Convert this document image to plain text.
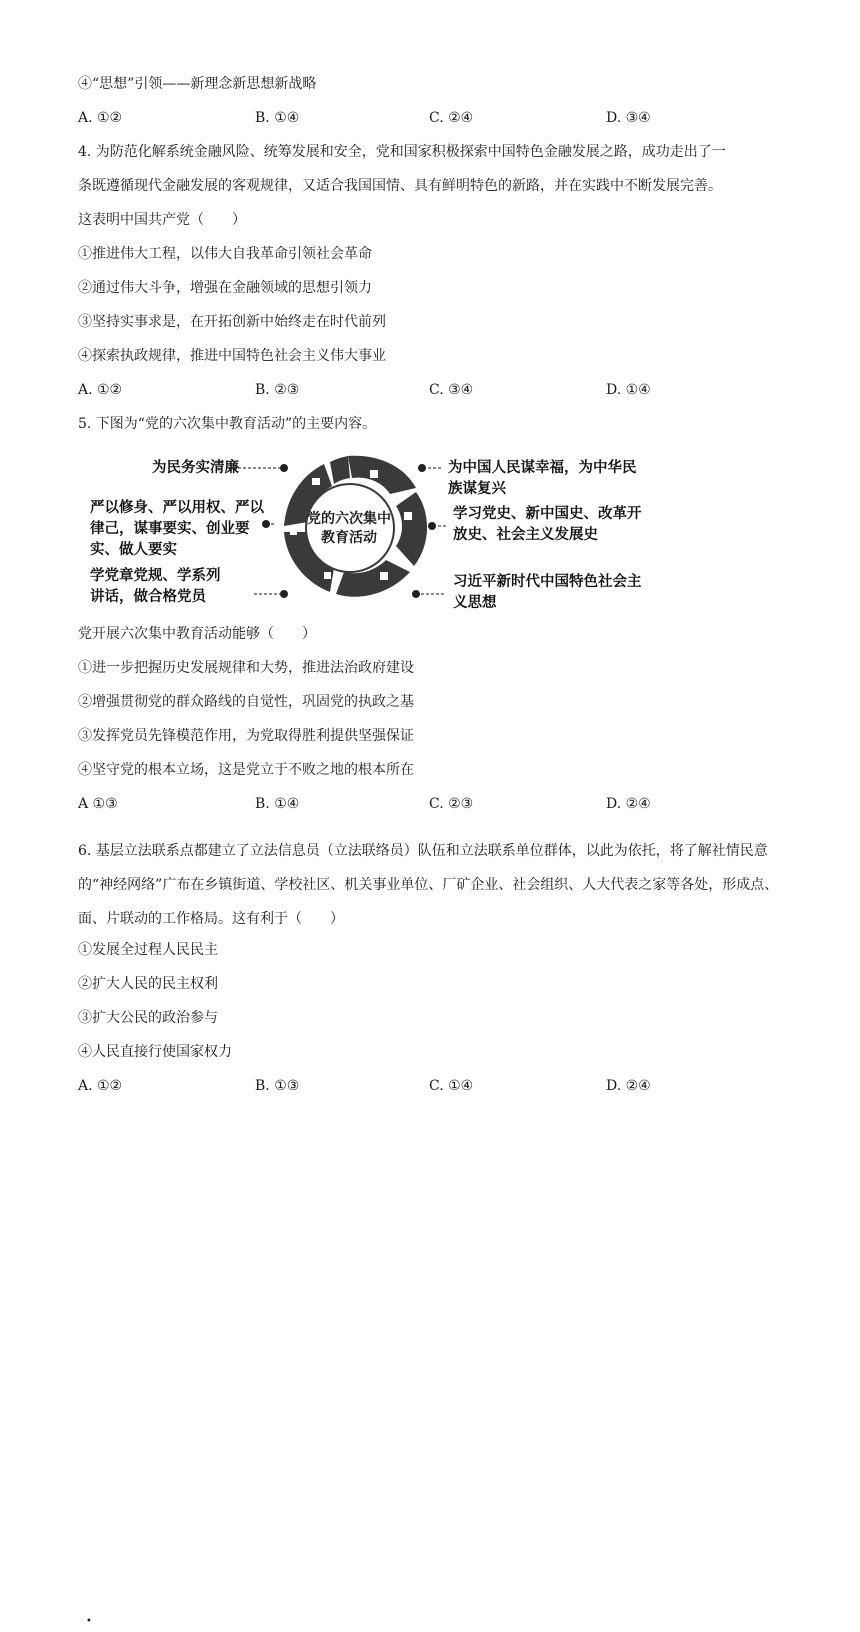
④“思想”引领——新理念新思想新战略
A. ①②	B. ①④	C. ②④	D. ③④
4. 为防范化解系统金融风险、统筹发展和安全，党和国家积极探索中国特色金融发展之路，成功走出了一
条既遵循现代金融发展的客观规律，又适合我国国情、具有鲜明特色的新路，并在实践中不断发展完善。
这表明中国共产党（　　）
①推进伟大工程，以伟大自我革命引领社会革命
②通过伟大斗争，增强在金融领域的思想引领力
③坚持实事求是，在开拓创新中始终走在时代前列
④探索执政规律，推进中国特色社会主义伟大事业
A. ①②	B. ②③	C. ③④	D. ①④
5. 下图为“党的六次集中教育活动”的主要内容。
党的六次集中教育活动
为民务实清廉
严以修身、严以用权、严以律己，谋事要实、创业要实、做人要实
学党章党规、学系列讲话，做合格党员
为中国人民谋幸福，为中华民族谋复兴
学习党史、新中国史、改革开放史、社会主义发展史
习近平新时代中国特色社会主义思想
党开展六次集中教育活动能够（　　）
①进一步把握历史发展规律和大势，推进法治政府建设
②增强贯彻党的群众路线的自觉性，巩固党的执政之基
③发挥党员先锋模范作用，为党取得胜利提供坚强保证
④坚守党的根本立场，这是党立于不败之地的根本所在
A ①③	B. ①④	C. ②③	D. ②④
•
6. 基层立法联系点都建立了立法信息员（立法联络员）队伍和立法联系单位群体，以此为依托，将了解社情民意的“神经网络”广布在乡镇街道、学校社区、机关事业单位、厂矿企业、社会组织、人大代表之家等各处，形成点、面、片联动的工作格局。这有利于（　　）
①发展全过程人民民主
②扩大人民的民主权利
③扩大公民的政治参与
④人民直接行使国家权力
A. ①②	B. ①③	C. ①④	D. ②④
